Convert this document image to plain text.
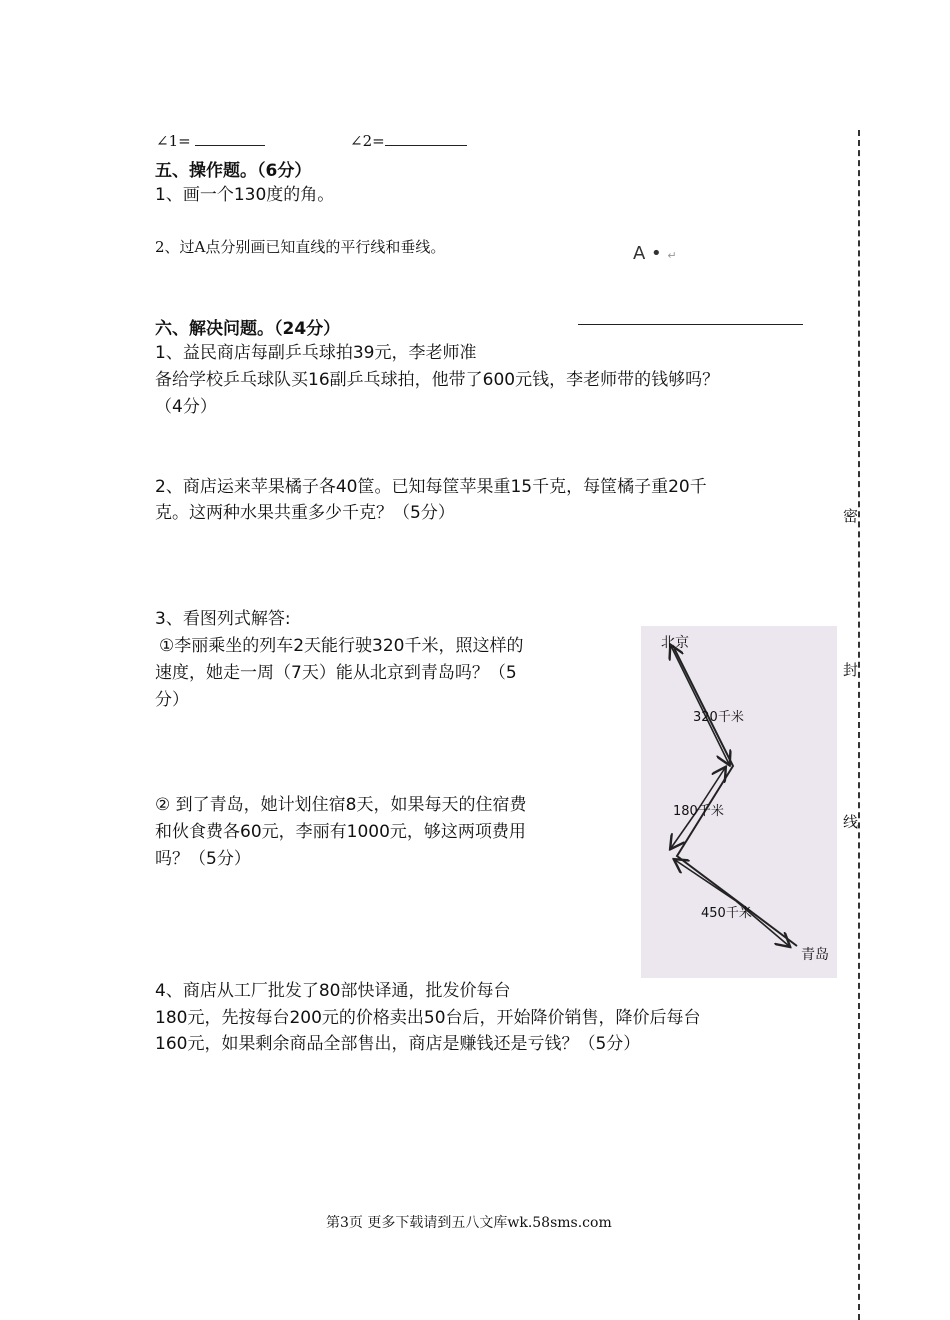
∠1=	∠2=
五、操作题。（6分）
1、画一个130度的角。
2、过A点分别画已知直线的平行线和垂线。	A • ↵
六、解决问题。（24分）
1、益民商店每副乒乓球拍39元，李老师准
备给学校乒乓球队买16副乒乓球拍，他带了600元钱，李老师带的钱够吗？
（4分）
2、商店运来苹果橘子各40筐。已知每筐苹果重15千克，每筐橘子重20千
克。这两种水果共重多少千克？（5分）
3、看图列式解答:
①李丽乘坐的列车2天能行驶320千米，照这样的
速度，她走一周（7天）能从北京到青岛吗？（5
分）
② 到了青岛，她计划住宿8天，如果每天的住宿费
和伙食费各60元，李丽有1000元，够这两项费用
吗？（5分）
4、商店从工厂批发了80部快译通，批发价每台
180元，先按每台200元的价格卖出50台后，开始降价销售，降价后每台
160元，如果剩余商品全部售出，商店是赚钱还是亏钱？（5分）
北京
320千米
180千米
450千米
青岛
密
封
线
第3页 更多下载请到五八文库wk.58sms.com
